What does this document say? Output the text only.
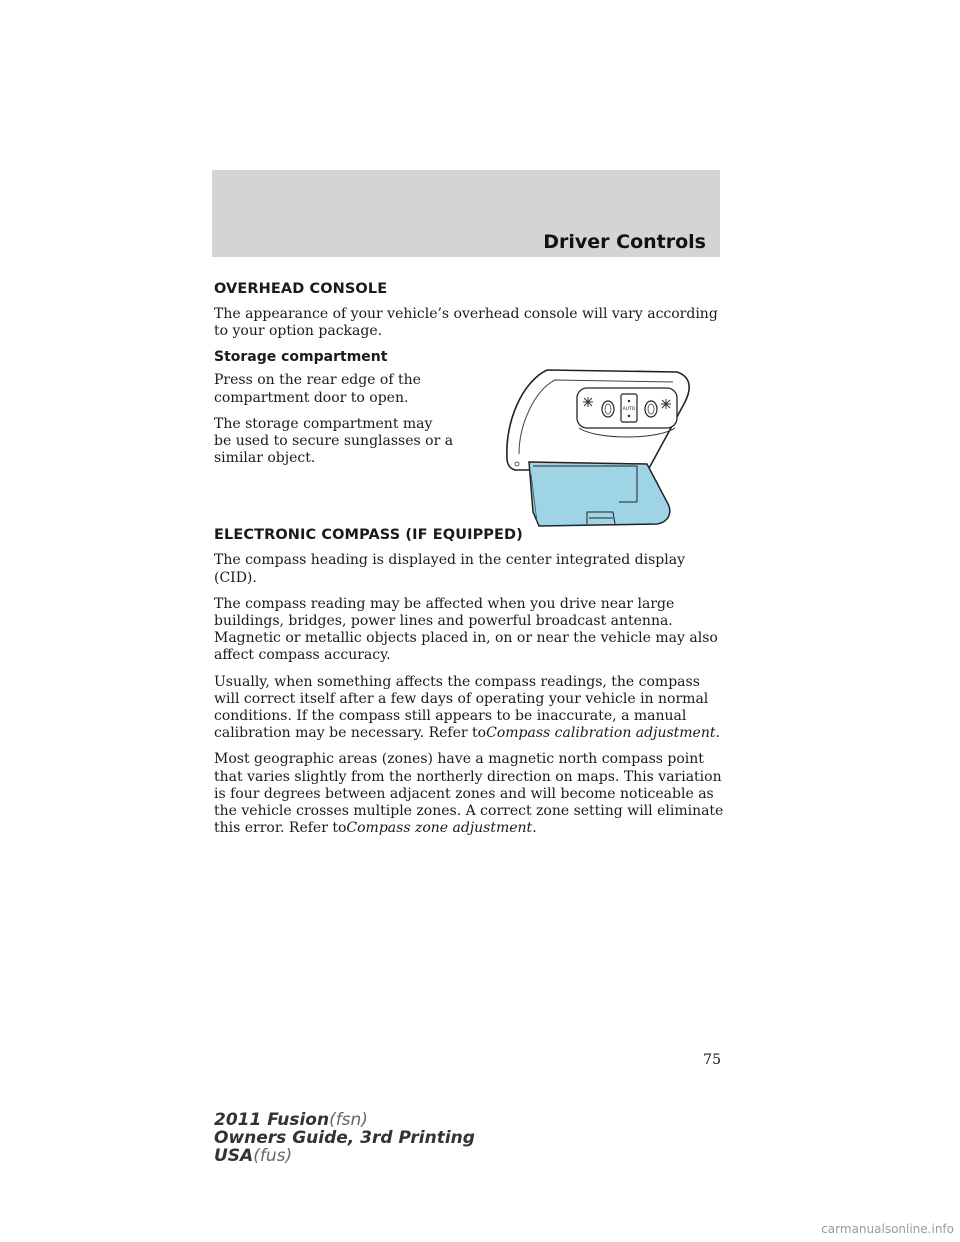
Driver Controls
OVERHEAD CONSOLE

The appearance of your vehicle’s overhead console will vary according to your option package.

Storage compartment

Press on the rear edge of the compartment door to open.

The storage compartment may be used to secure sunglasses or a similar object.

ELECTRONIC COMPASS (IF EQUIPPED)

The compass heading is displayed in the center integrated display (CID).

The compass reading may be affected when you drive near large buildings, bridges, power lines and powerful broadcast antenna. Magnetic or metallic objects placed in, on or near the vehicle may also affect compass accuracy.

Usually, when something affects the compass readings, the compass will correct itself after a few days of operating your vehicle in normal conditions. If the compass still appears to be inaccurate, a manual calibration may be necessary. Refer toCompass calibration adjustment.

Most geographic areas (zones) have a magnetic north compass point that varies slightly from the northerly direction on maps. This variation is four degrees between adjacent zones and will become noticeable as the vehicle crosses multiple zones. A correct zone setting will eliminate this error. Refer toCompass zone adjustment.

AUTO
75
2011 Fusion(fsn)
Owners Guide, 3rd Printing
USA(fus)
carmanualsonline.info
